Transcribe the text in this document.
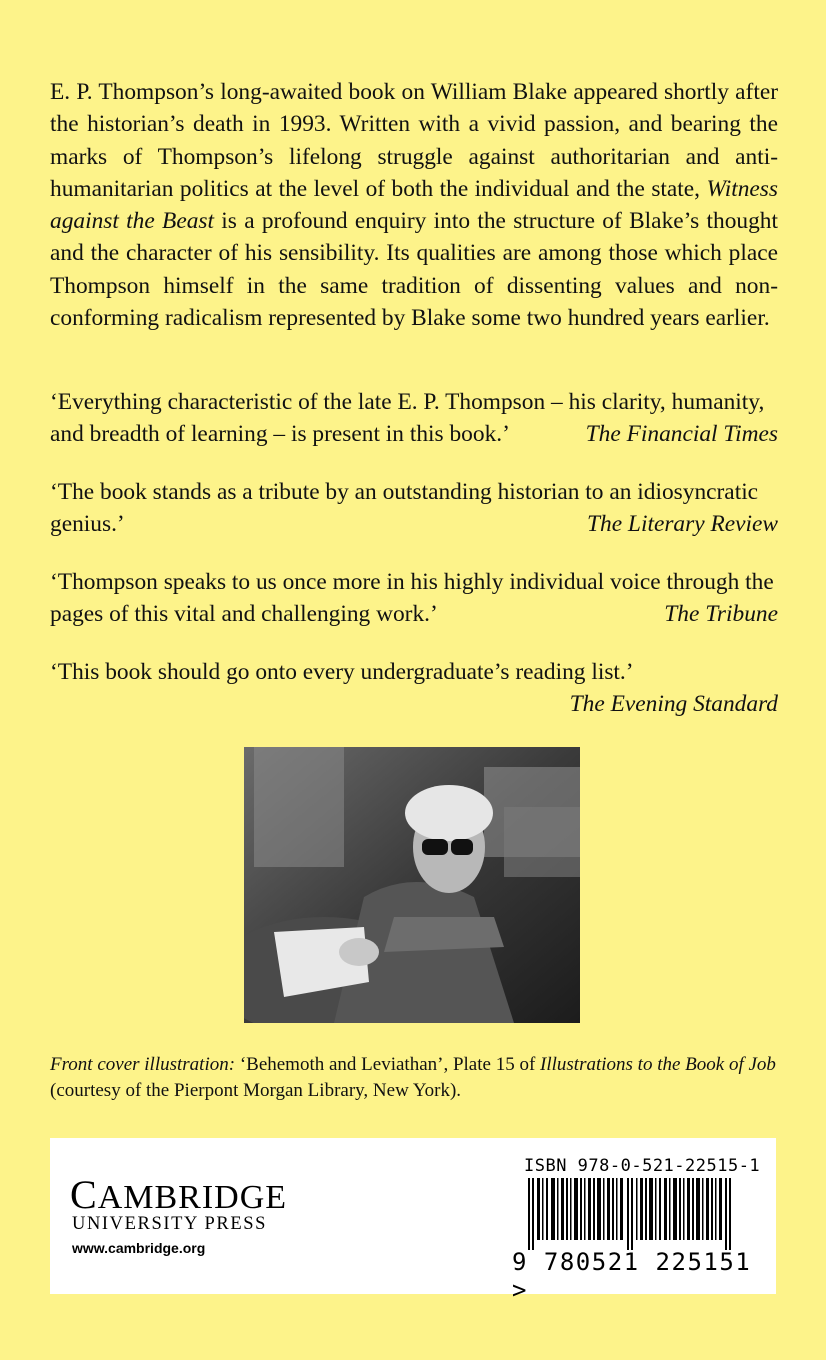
E. P. Thompson’s long-awaited book on William Blake appeared shortly after the historian’s death in 1993. Written with a vivid passion, and bearing the marks of Thompson’s lifelong struggle against authoritarian and anti-humanitarian politics at the level of both the individual and the state, Witness against the Beast is a profound enquiry into the structure of Blake’s thought and the character of his sensibility. Its qualities are among those which place Thompson himself in the same tradition of dissenting values and non-conforming radicalism represented by Blake some two hundred years earlier.

‘Everything characteristic of the late E. P. Thompson – his clarity, humanity, and breadth of learning – is present in this book.’	The Financial Times

‘The book stands as a tribute by an outstanding historian to an idiosyncratic genius.’	The Literary Review

‘Thompson speaks to us once more in his highly individual voice through the pages of this vital and challenging work.’	The Tribune

‘This book should go onto every undergraduate’s reading list.’
The Evening Standard

Front cover illustration: ‘Behemoth and Leviathan’, Plate 15 of Illustrations to the Book of Job (courtesy of the Pierpont Morgan Library, New York).

CAMBRIDGE
UNIVERSITY PRESS
www.cambridge.org
ISBN 978-0-521-22515-1
9 780521 225151 >
